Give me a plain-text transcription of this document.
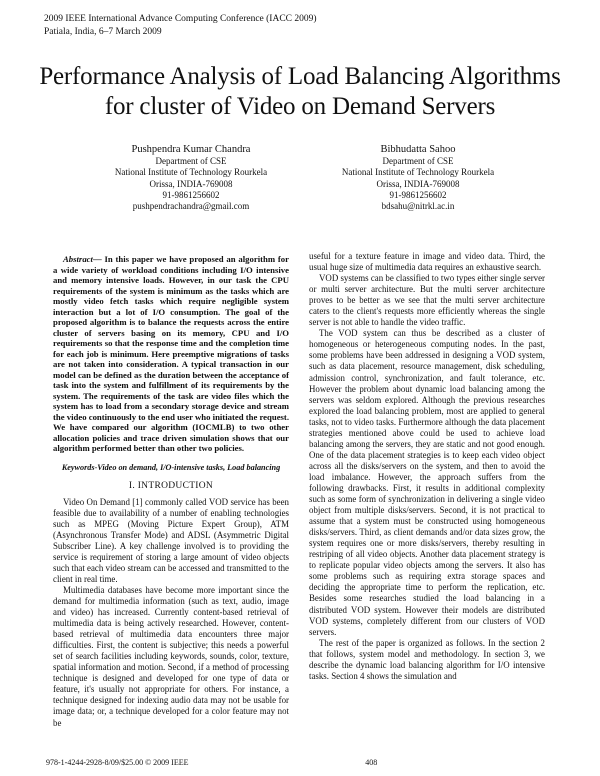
2009 IEEE International Advance Computing Conference (IACC 2009)
Patiala, India, 6–7 March 2009
Performance Analysis of Load Balancing Algorithms
for cluster of Video on Demand Servers
Pushpendra Kumar Chandra
Department of CSE
National Institute of Technology Rourkela
Orissa, INDIA-769008
91-9861256602
pushpendrachandra@gmail.com
Bibhudatta Sahoo
Department of CSE
National Institute of Technology Rourkela
Orissa, INDIA-769008
91-9861256602
bdsahu@nitrkl.ac.in

Abstract— In this paper we have proposed an algorithm for a wide variety of workload conditions including I/O intensive and memory intensive loads. However, in our task the CPU requirements of the system is minimum as the tasks which are mostly video fetch tasks which require negligible system interaction but a lot of I/O consumption. The goal of the proposed algorithm is to balance the requests across the entire cluster of servers basing on its memory, CPU and I/O requirements so that the response time and the completion time for each job is minimum. Here preemptive migrations of tasks are not taken into consideration. A typical transaction in our model can be defined as the duration between the acceptance of task into the system and fulfillment of its requirements by the system. The requirements of the task are video files which the system has to load from a secondary storage device and stream the video continuously to the end user who initiated the request. We have compared our algorithm (IOCMLB) to two other allocation policies and trace driven simulation shows that our algorithm performed better than other two policies.

Keywords-Video on demand, I/O-intensive tasks, Load balancing
I. INTRODUCTION

Video On Demand [1] commonly called VOD service has been feasible due to availability of a number of enabling technologies such as MPEG (Moving Picture Expert Group), ATM (Asynchronous Transfer Mode) and ADSL (Asymmetric Digital Subscriber Line). A key challenge involved is to providing the service is requirement of storing a large amount of video objects such that each video stream can be accessed and transmitted to the client in real time.

Multimedia databases have become more important since the demand for multimedia information (such as text, audio, image and video) has increased. Currently content-based retrieval of multimedia data is being actively researched. However, content-based retrieval of multimedia data encounters three major difficulties. First, the content is subjective; this needs a powerful set of search facilities including keywords, sounds, color, texture, spatial information and motion. Second, if a method of processing technique is designed and developed for one type of data or feature, it's usually not appropriate for others. For instance, a technique designed for indexing audio data may not be usable for image data; or, a technique developed for a color feature may not be

useful for a texture feature in image and video data. Third, the usual huge size of multimedia data requires an exhaustive search.

VOD systems can be classified to two types either single server or multi server architecture. But the multi server architecture proves to be better as we see that the multi server architecture caters to the client's requests more efficiently whereas the single server is not able to handle the video traffic.

The VOD system can thus be described as a cluster of homogeneous or heterogeneous computing nodes. In the past, some problems have been addressed in designing a VOD system, such as data placement, resource management, disk scheduling, admission control, synchronization, and fault tolerance, etc. However the problem about dynamic load balancing among the servers was seldom explored. Although the previous researches explored the load balancing problem, most are applied to general tasks, not to video tasks. Furthermore although the data placement strategies mentioned above could be used to achieve load balancing among the servers, they are static and not good enough. One of the data placement strategies is to keep each video object across all the disks/servers on the system, and then to avoid the load imbalance. However, the approach suffers from the following drawbacks. First, it results in additional complexity such as some form of synchronization in delivering a single video object from multiple disks/servers. Second, it is not practical to assume that a system must be constructed using homogeneous disks/servers. Third, as client demands and/or data sizes grow, the system requires one or more disks/servers, thereby resulting in restriping of all video objects. Another data placement strategy is to replicate popular video objects among the servers. It also has some problems such as requiring extra storage spaces and deciding the appropriate time to perform the replication, etc. Besides some researches studied the load balancing in a distributed VOD system. However their models are distributed VOD systems, completely different from our clusters of VOD servers.

The rest of the paper is organized as follows. In the section 2 that follows, system model and methodology. In section 3, we describe the dynamic load balancing algorithm for I/O intensive tasks. Section 4 shows the simulation and

978-1-4244-2928-8/09/$25.00 © 2009 IEEE	408
